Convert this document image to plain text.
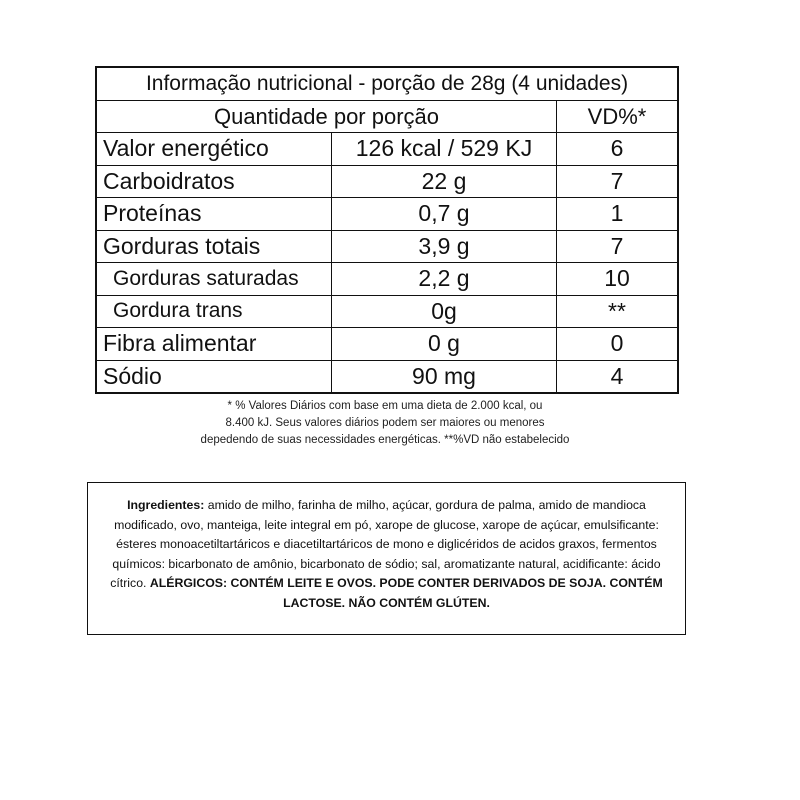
Informação nutricional - porção de 28g (4 unidades)
Quantidade por porção	VD%*
Valor energético	126 kcal / 529 KJ	6
Carboidratos	22 g	7
Proteínas	0,7 g	1
Gorduras totais	3,9 g	7
Gorduras saturadas	2,2 g	10
Gordura trans	0g	**
Fibra alimentar	0 g	0
Sódio	90 mg	4
* % Valores Diários com base em uma dieta de 2.000 kcal, ou
8.400 kJ. Seus valores diários podem ser maiores ou menores
depedendo de suas necessidades energéticas. **%VD não estabelecido
Ingredientes: amido de milho, farinha de milho, açúcar, gordura de palma, amido de mandioca modificado, ovo, manteiga, leite integral em pó, xarope de glucose, xarope de açúcar, emulsificante: ésteres monoacetiltartáricos e diacetiltartáricos de mono e diglicéridos de acidos graxos, fermentos químicos: bicarbonato de amônio, bicarbonato de sódio; sal, aromatizante natural, acidificante: ácido cítrico. ALÉRGICOS: CONTÉM LEITE E OVOS. PODE CONTER DERIVADOS DE SOJA. CONTÉM LACTOSE. NÃO CONTÉM GLÚTEN.
